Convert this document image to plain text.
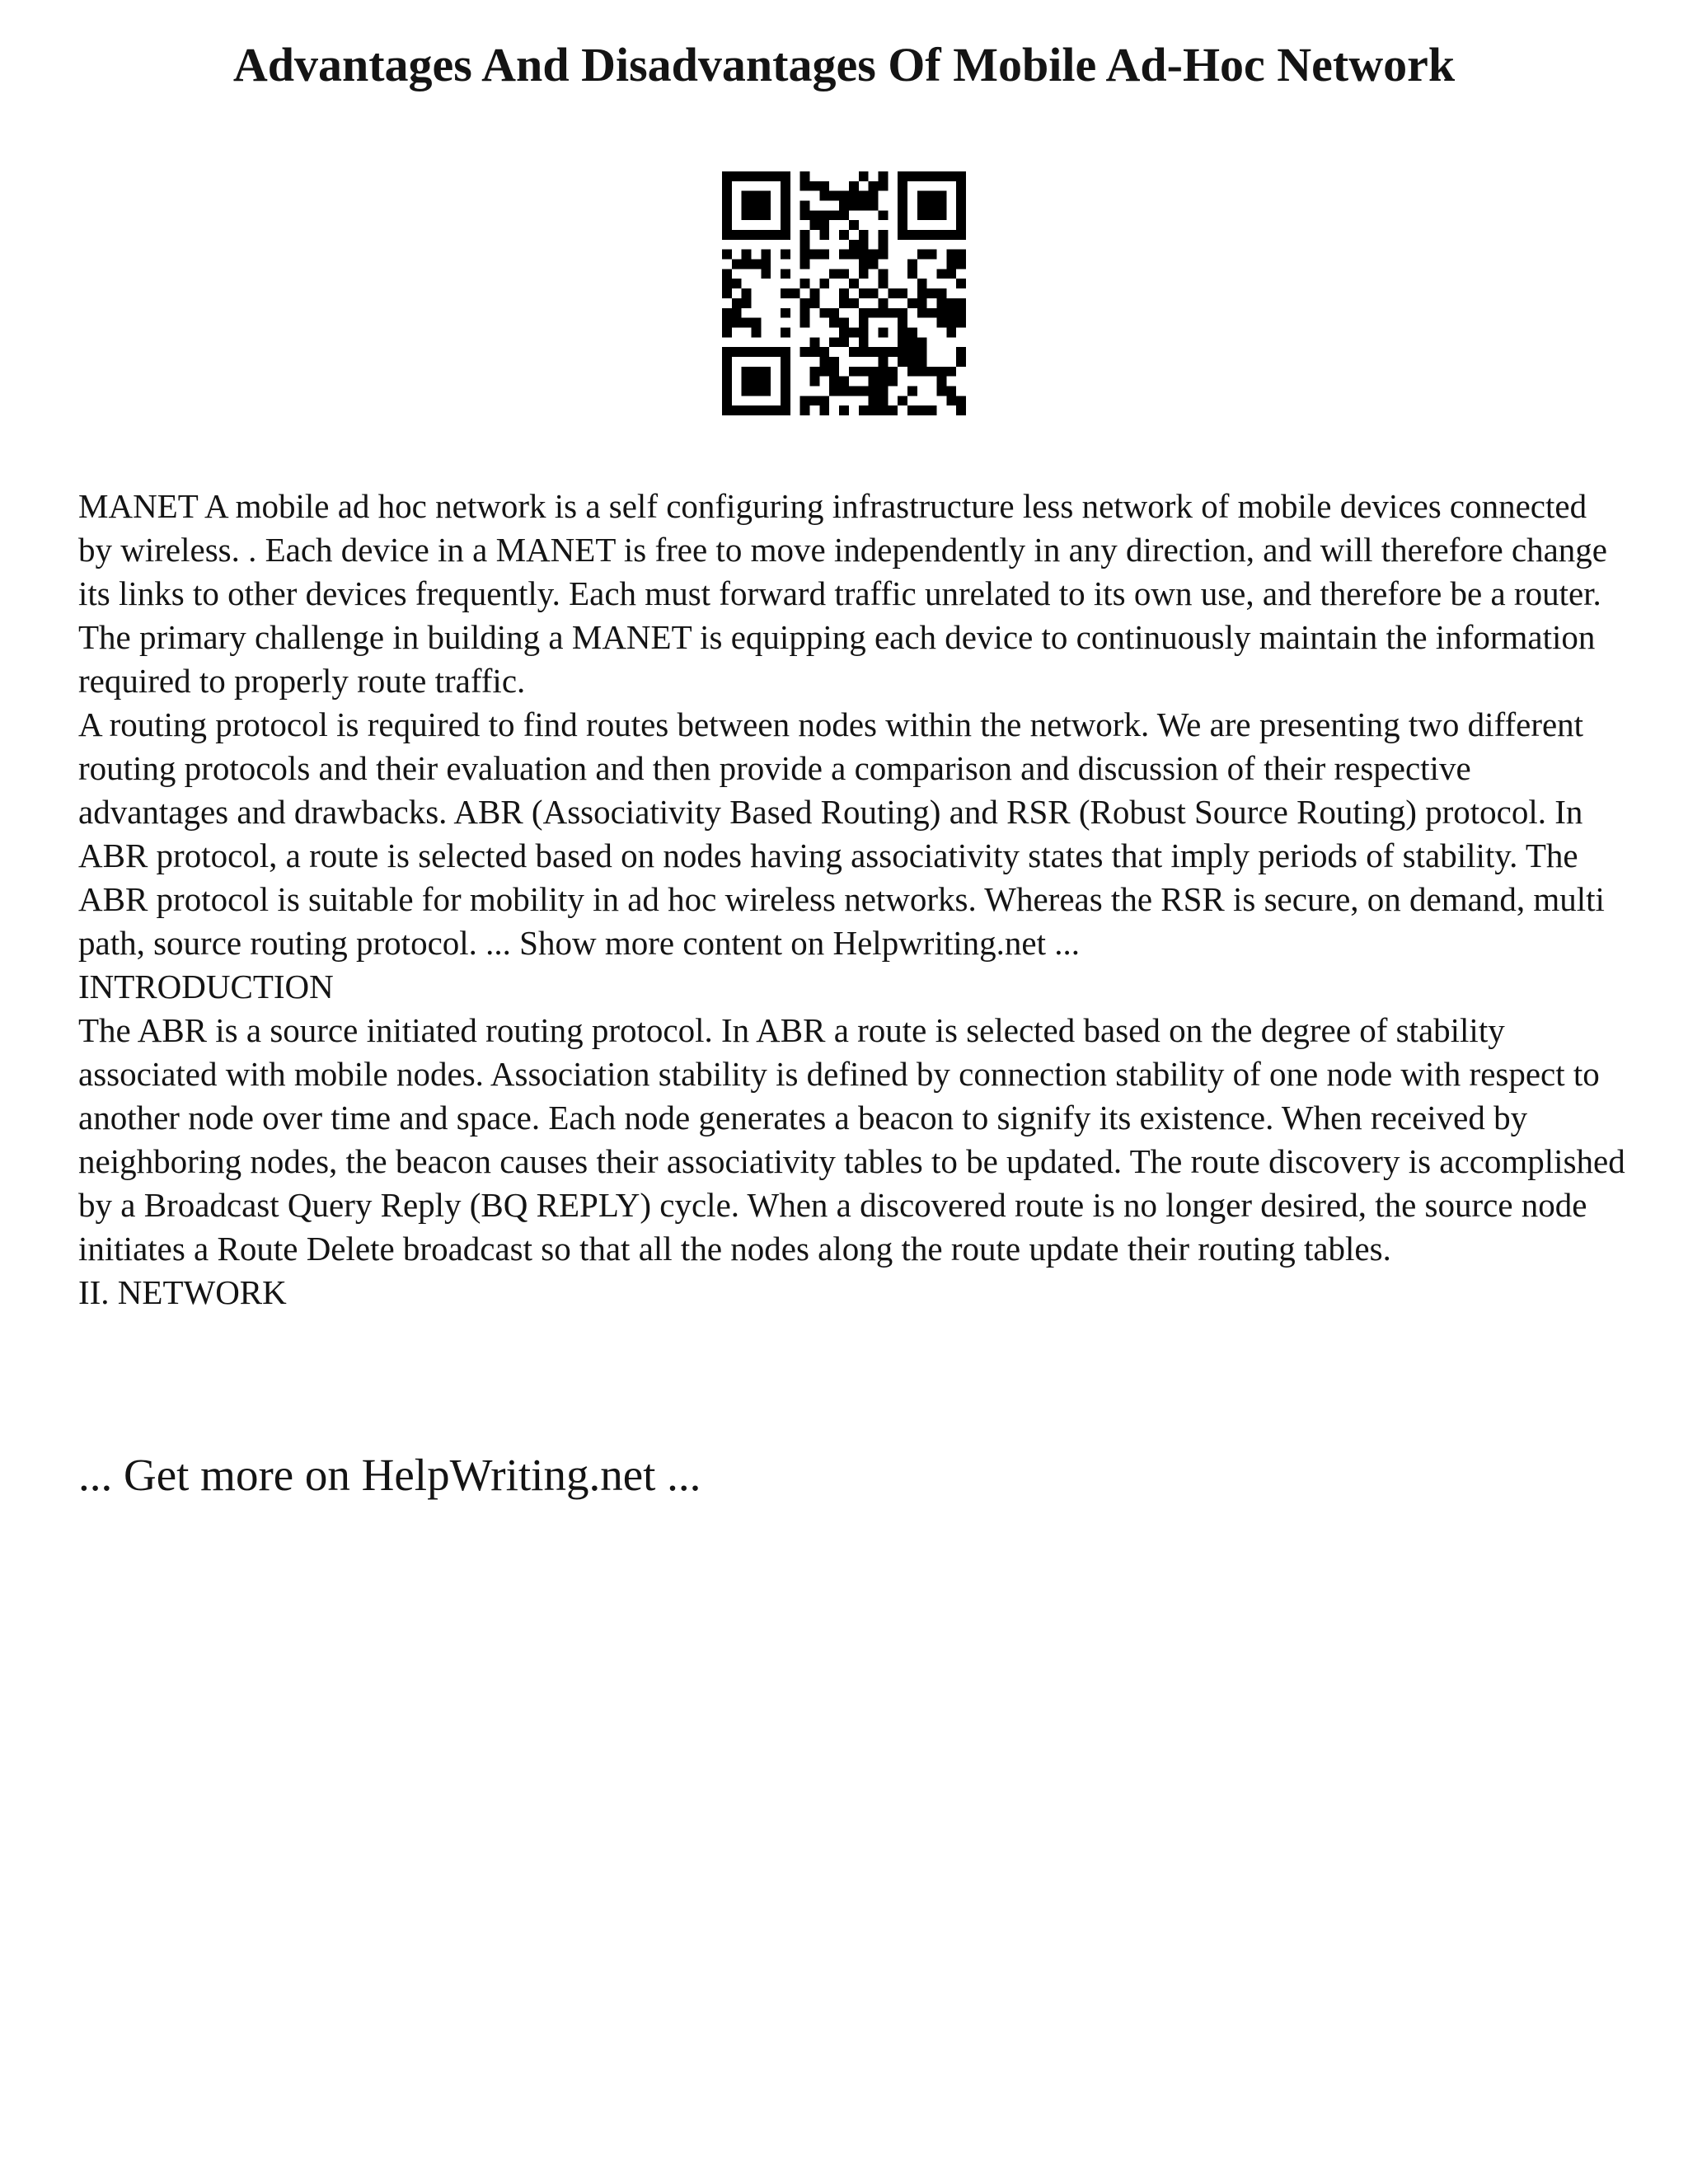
Advantages And Disadvantages Of Mobile Ad-Hoc Network

MANET A mobile ad hoc network is a self configuring infrastructure less network of mobile devices connected by wireless. . Each device in a MANET is free to move independently in any direction, and will therefore change its links to other devices frequently. Each must forward traffic unrelated to its own use, and therefore be a router. The primary challenge in building a MANET is equipping each device to continuously maintain the information required to properly route traffic.

A routing protocol is required to find routes between nodes within the network. We are presenting two different routing protocols and their evaluation and then provide a comparison and discussion of their respective advantages and drawbacks. ABR (Associativity Based Routing) and RSR (Robust Source Routing) protocol. In ABR protocol, a route is selected based on nodes having associativity states that imply periods of stability. The ABR protocol is suitable for mobility in ad hoc wireless networks. Whereas the RSR is secure, on demand, multi path, source routing protocol. ... Show more content on Helpwriting.net ...

INTRODUCTION

The ABR is a source initiated routing protocol. In ABR a route is selected based on the degree of stability associated with mobile nodes. Association stability is defined by connection stability of one node with respect to another node over time and space. Each node generates a beacon to signify its existence. When received by neighboring nodes, the beacon causes their associativity tables to be updated. The route discovery is accomplished by a Broadcast Query Reply (BQ REPLY) cycle. When a discovered route is no longer desired, the source node initiates a Route Delete broadcast so that all the nodes along the route update their routing tables.

II. NETWORK

... Get more on HelpWriting.net ...
